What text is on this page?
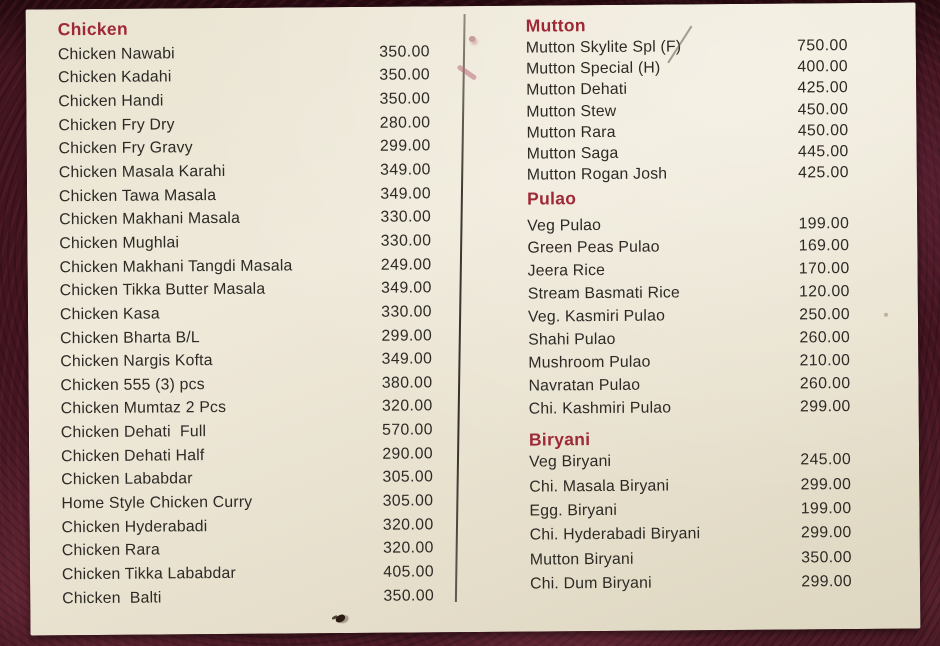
Chicken
Chicken Nawabi	350.00
Chicken Kadahi	350.00
Chicken Handi	350.00
Chicken Fry Dry	280.00
Chicken Fry Gravy	299.00
Chicken Masala Karahi	349.00
Chicken Tawa Masala	349.00
Chicken Makhani Masala	330.00
Chicken Mughlai	330.00
Chicken Makhani Tangdi Masala	249.00
Chicken Tikka Butter Masala	349.00
Chicken Kasa	330.00
Chicken Bharta B/L	299.00
Chicken Nargis Kofta	349.00
Chicken 555 (3) pcs	380.00
Chicken Mumtaz 2 Pcs	320.00
Chicken Dehati  Full	570.00
Chicken Dehati Half	290.00
Chicken Lababdar	305.00
Home Style Chicken Curry	305.00
Chicken Hyderabadi	320.00
Chicken Rara	320.00
Chicken Tikka Lababdar	405.00
Chicken  Balti	350.00
Mutton
Mutton Skylite Spl (F)	750.00
Mutton Special (H)	400.00
Mutton Dehati	425.00
Mutton Stew	450.00
Mutton Rara	450.00
Mutton Saga	445.00
Mutton Rogan Josh	425.00
Pulao
Veg Pulao	199.00
Green Peas Pulao	169.00
Jeera Rice	170.00
Stream Basmati Rice	120.00
Veg. Kasmiri Pulao	250.00
Shahi Pulao	260.00
Mushroom Pulao	210.00
Navratan Pulao	260.00
Chi. Kashmiri Pulao	299.00
Biryani
Veg Biryani	245.00
Chi. Masala Biryani	299.00
Egg. Biryani	199.00
Chi. Hyderabadi Biryani	299.00
Mutton Biryani	350.00
Chi. Dum Biryani	299.00
